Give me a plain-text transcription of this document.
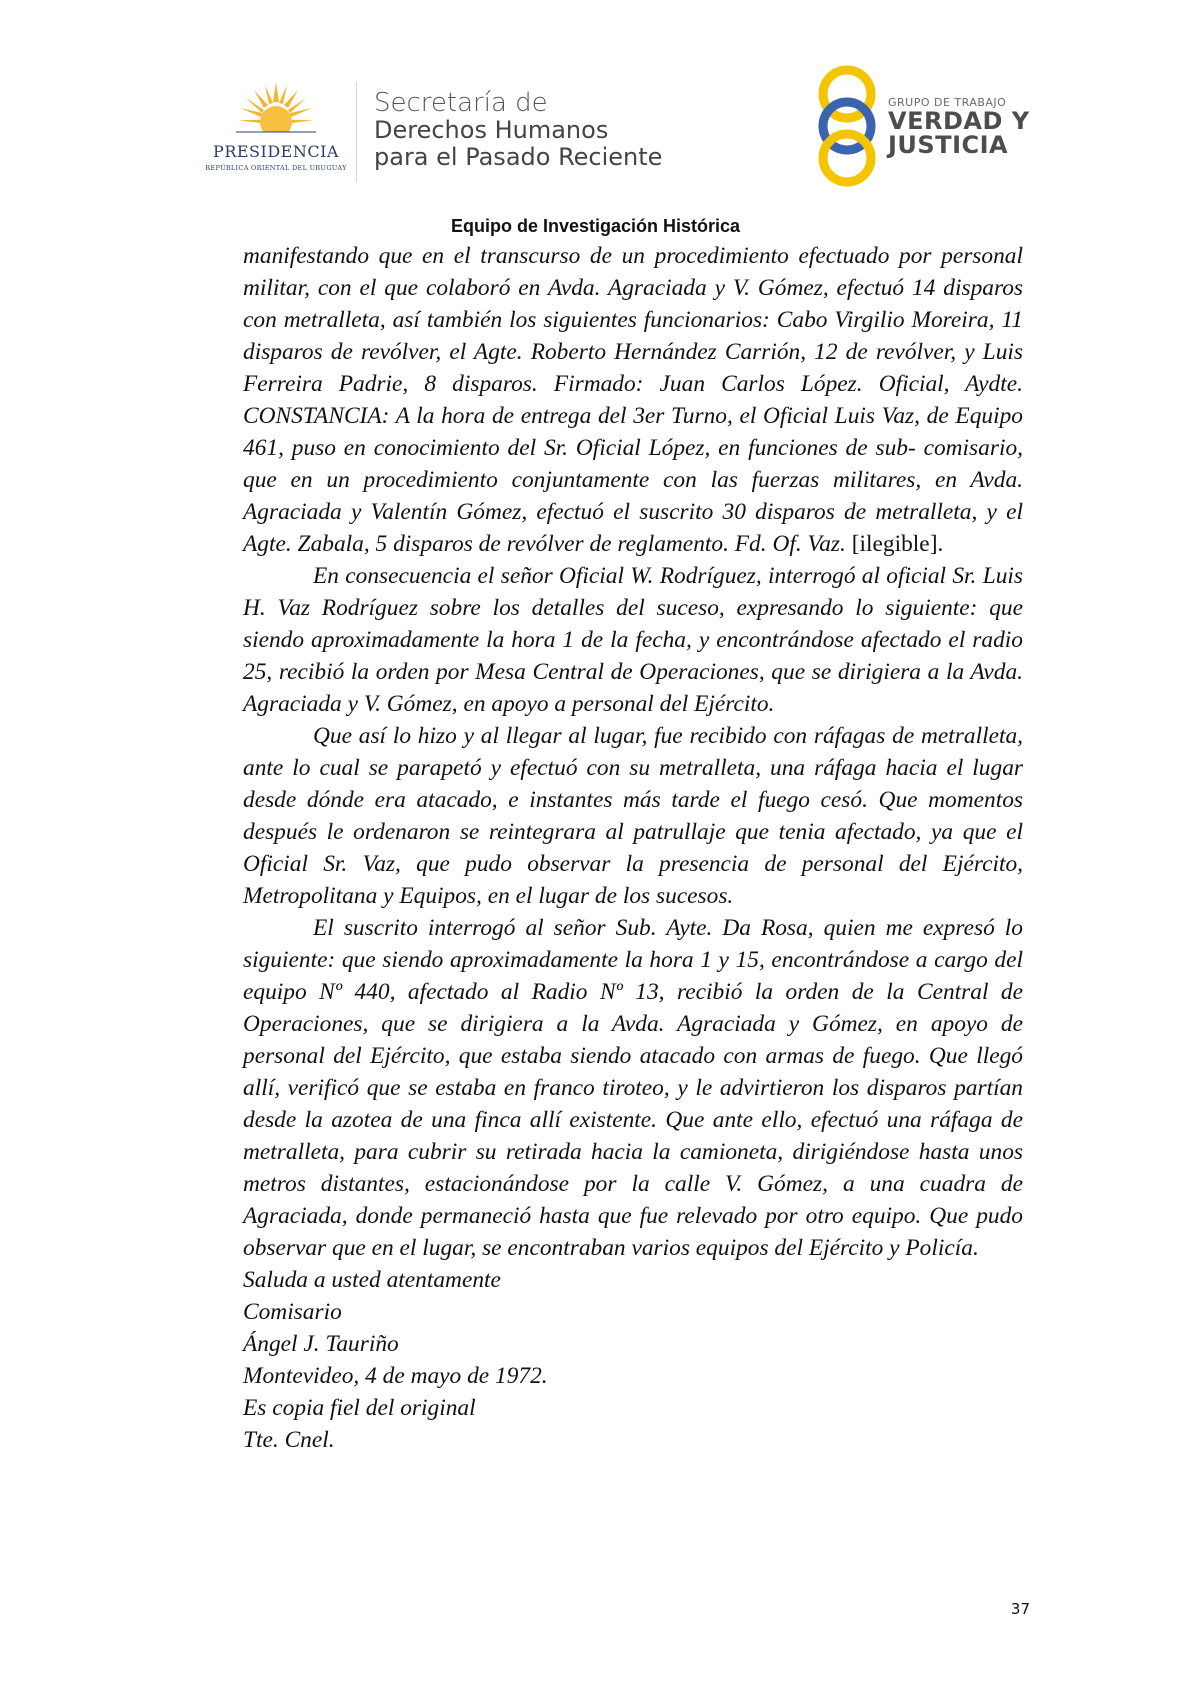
PRESIDENCIA
REPÚBLICA ORIENTAL DEL URUGUAY
Secretaría de
Derechos Humanos
para el Pasado Reciente
GRUPO DE TRABAJO
VERDAD Y
JUSTICIA
Equipo de Investigación Histórica

manifestando que en el transcurso de un procedimiento efectuado por personal militar, con el que colaboró en Avda. Agraciada y V. Gómez, efectuó 14 disparos con metralleta, así también los siguientes funcionarios: Cabo Virgilio Moreira, 11 disparos de revólver, el Agte. Roberto Hernández Carrión, 12 de revólver, y Luis Ferreira Padrie, 8 disparos. Firmado: Juan Carlos López. Oficial, Aydte. CONSTANCIA: A la hora de entrega del 3er Turno, el Oficial Luis Vaz, de Equipo 461, puso en conocimiento del Sr. Oficial López, en funciones de sub- comisario, que en un procedimiento conjuntamente con las fuerzas militares, en Avda. Agraciada y Valentín Gómez, efectuó el suscrito 30 disparos de metralleta, y el Agte. Zabala, 5 disparos de revólver de reglamento. Fd. Of. Vaz. [ilegible].

En consecuencia el señor Oficial W. Rodríguez, interrogó al oficial Sr. Luis H. Vaz Rodríguez sobre los detalles del suceso, expresando lo siguiente: que siendo aproximadamente la hora 1 de la fecha, y encontrándose afectado el radio 25, recibió la orden por Mesa Central de Operaciones, que se dirigiera a la Avda. Agraciada y V. Gómez, en apoyo a personal del Ejército.

Que así lo hizo y al llegar al lugar, fue recibido con ráfagas de metralleta, ante lo cual se parapetó y efectuó con su metralleta, una ráfaga hacia el lugar desde dónde era atacado, e instantes más tarde el fuego cesó. Que momentos después le ordenaron se reintegrara al patrullaje que tenia afectado, ya que el Oficial Sr. Vaz, que pudo observar la presencia de personal del Ejército, Metropolitana y Equipos, en el lugar de los sucesos.

El suscrito interrogó al señor Sub. Ayte. Da Rosa, quien me expresó lo siguiente: que siendo aproximadamente la hora 1 y 15, encontrándose a cargo del equipo Nº 440, afectado al Radio Nº 13, recibió la orden de la Central de Operaciones, que se dirigiera a la Avda. Agraciada y Gómez, en apoyo de personal del Ejército, que estaba siendo atacado con armas de fuego. Que llegó allí, verificó que se estaba en franco tiroteo, y le advirtieron los disparos partían desde la azotea de una finca allí existente. Que ante ello, efectuó una ráfaga de metralleta, para cubrir su retirada hacia la camioneta, dirigiéndose hasta unos metros distantes, estacionándose por la calle V. Gómez, a una cuadra de Agraciada, donde permaneció hasta que fue relevado por otro equipo. Que pudo observar que en el lugar, se encontraban varios equipos del Ejército y Policía.

Saluda a usted atentamente

Comisario

Ángel J. Tauriño

Montevideo, 4 de mayo de 1972.

Es copia fiel del original

Tte. Cnel.

37
